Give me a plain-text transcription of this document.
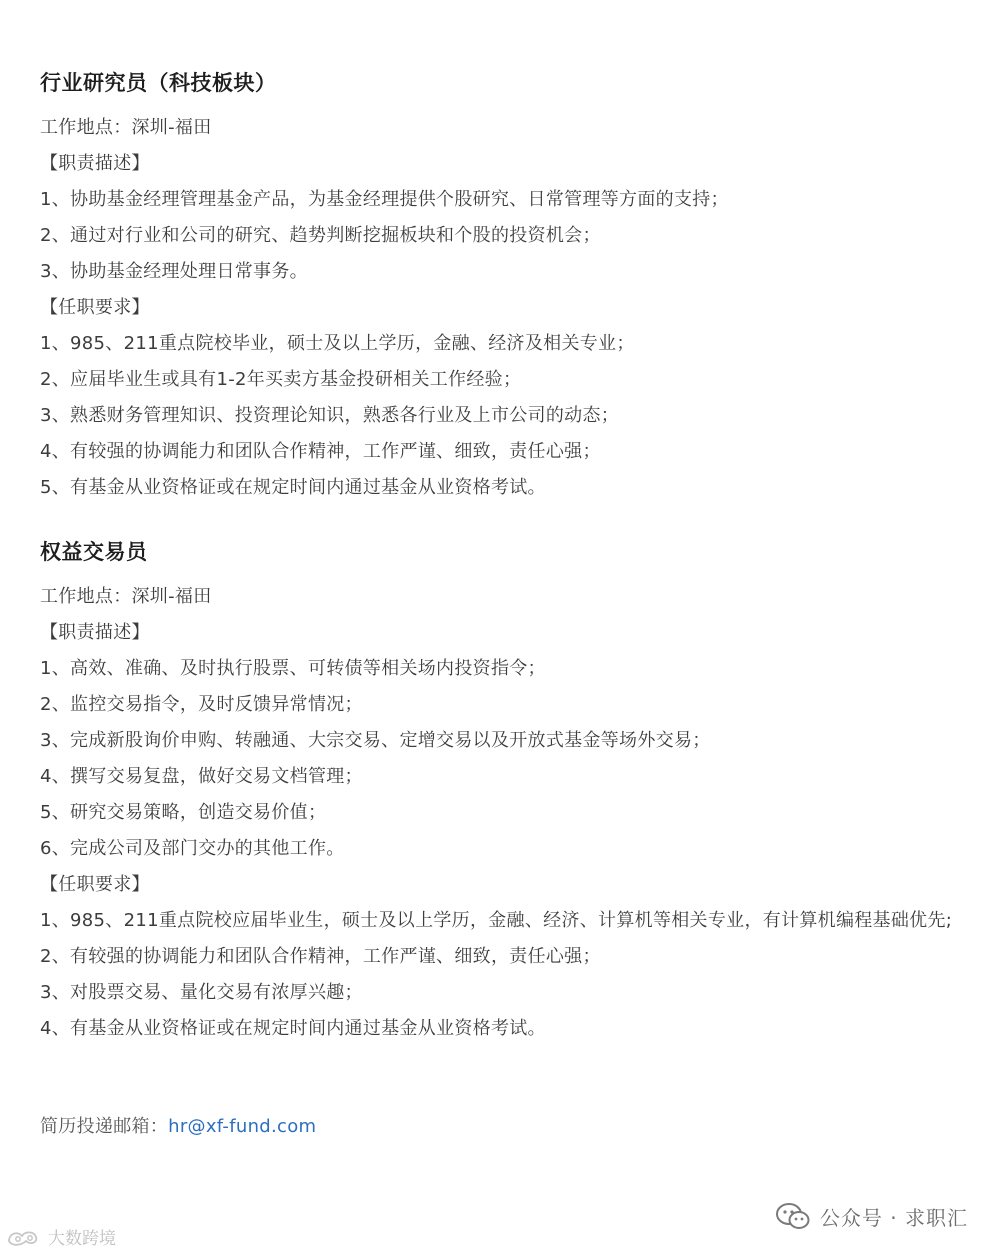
行业研究员（科技板块）
工作地点：深圳-福田
【职责描述】
1、协助基金经理管理基金产品，为基金经理提供个股研究、日常管理等方面的支持；
2、通过对行业和公司的研究、趋势判断挖掘板块和个股的投资机会；
3、协助基金经理处理日常事务。
【任职要求】
1、985、211重点院校毕业，硕士及以上学历，金融、经济及相关专业；
2、应届毕业生或具有1-2年买卖方基金投研相关工作经验；
3、熟悉财务管理知识、投资理论知识，熟悉各行业及上市公司的动态；
4、有较强的协调能力和团队合作精神，工作严谨、细致，责任心强；
5、有基金从业资格证或在规定时间内通过基金从业资格考试。
权益交易员
工作地点：深圳-福田
【职责描述】
1、高效、准确、及时执行股票、可转债等相关场内投资指令；
2、监控交易指令，及时反馈异常情况；
3、完成新股询价申购、转融通、大宗交易、定增交易以及开放式基金等场外交易；
4、撰写交易复盘，做好交易文档管理；
5、研究交易策略，创造交易价值；
6、完成公司及部门交办的其他工作。
【任职要求】
1、985、211重点院校应届毕业生，硕士及以上学历，金融、经济、计算机等相关专业，有计算机编程基础优先;
2、有较强的协调能力和团队合作精神，工作严谨、细致，责任心强；
3、对股票交易、量化交易有浓厚兴趣；
4、有基金从业资格证或在规定时间内通过基金从业资格考试。
简历投递邮箱：hr@xf-fund.com
公众号 · 求职汇
大数跨境
